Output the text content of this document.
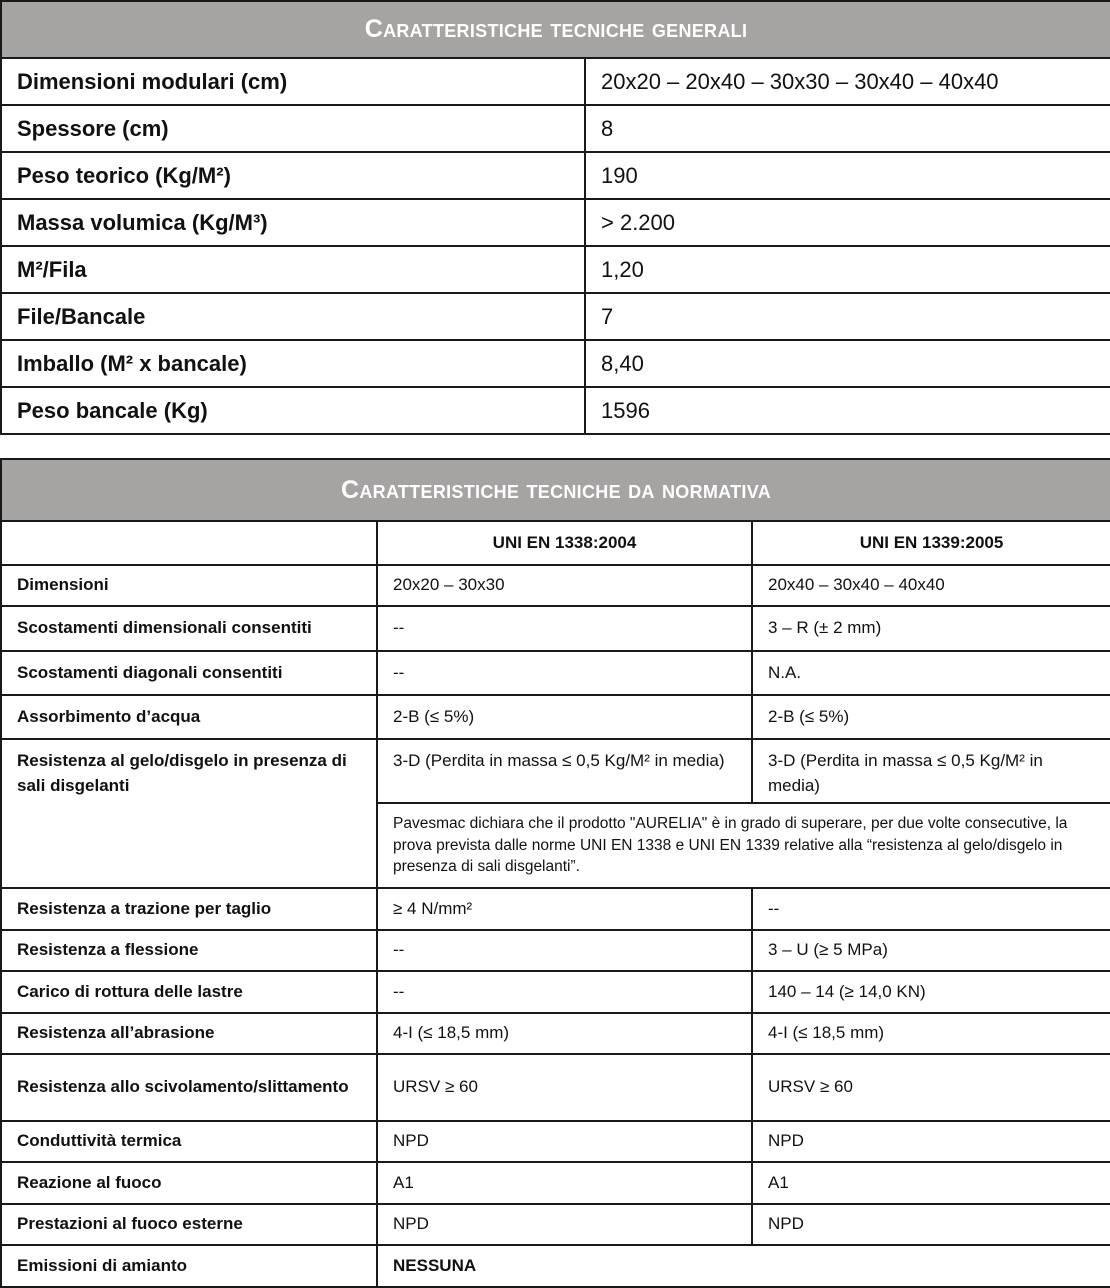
Caratteristiche tecniche generali	
Dimensioni modulari (cm)	20x20 – 20x40 – 30x30 – 30x40 – 40x40
Spessore (cm)	8
Peso teorico (Kg/M²)	190
Massa volumica (Kg/M³)	> 2.200
M²/Fila	1,20
File/Bancale	7
Imballo (M² x bancale)	8,40
Peso bancale (Kg)	1596
Caratteristiche tecniche da normativa		
	UNI EN 1338:2004	UNI EN 1339:2005
Dimensioni	20x20 – 30x30	20x40 – 30x40 – 40x40
Scostamenti dimensionali consentiti	--	3 – R (± 2 mm)
Scostamenti diagonali consentiti	--	N.A.
Assorbimento d’acqua	2-B (≤ 5%)	2-B (≤ 5%)
Resistenza al gelo/disgelo in presenza di sali disgelanti	3-D (Perdita in massa ≤ 0,5 Kg/M² in media)	3-D (Perdita in massa ≤ 0,5 Kg/M² in media)
	Pavesmac dichiara che il prodotto "AURELIA" è in grado di superare, per due volte consecutive, la prova prevista dalle norme UNI EN 1338 e UNI EN 1339 relative alla “resistenza al gelo/disgelo in presenza di sali disgelanti”.	
Resistenza a trazione per taglio	≥ 4 N/mm²	--
Resistenza a flessione	--	3 – U (≥ 5 MPa)
Carico di rottura delle lastre	--	140 – 14 (≥ 14,0 KN)
Resistenza all’abrasione	4-I (≤ 18,5 mm)	4-I (≤ 18,5 mm)
Resistenza allo scivolamento/slittamento	URSV ≥ 60	URSV ≥ 60
Conduttività termica	NPD	NPD
Reazione al fuoco	A1	A1
Prestazioni al fuoco esterne	NPD	NPD
Emissioni di amianto	NESSUNA	
